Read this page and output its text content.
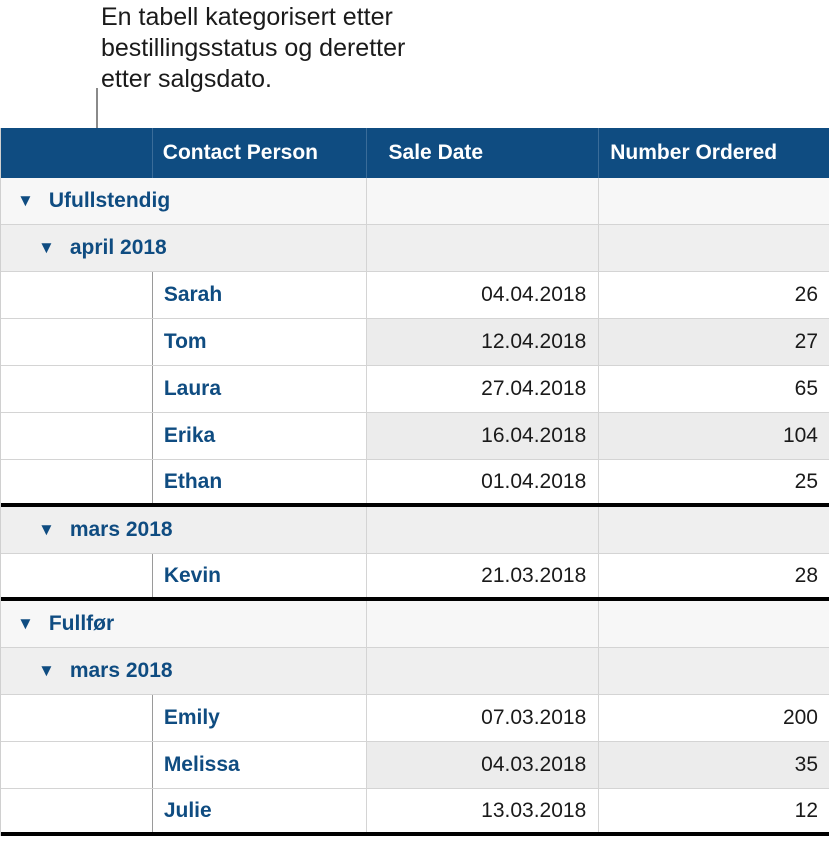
En tabell kategorisert etter
bestillingsstatus og deretter
etter salgsdato.
Contact Person	Sale Date	Number Ordered
▼ Ufullstendig
▼ april 2018
Sarah	04.04.2018	26
Tom	12.04.2018	27
Laura	27.04.2018	65
Erika	16.04.2018	104
Ethan	01.04.2018	25
▼ mars 2018
Kevin	21.03.2018	28
▼ Fullfør
▼ mars 2018
Emily	07.03.2018	200
Melissa	04.03.2018	35
Julie	13.03.2018	12
